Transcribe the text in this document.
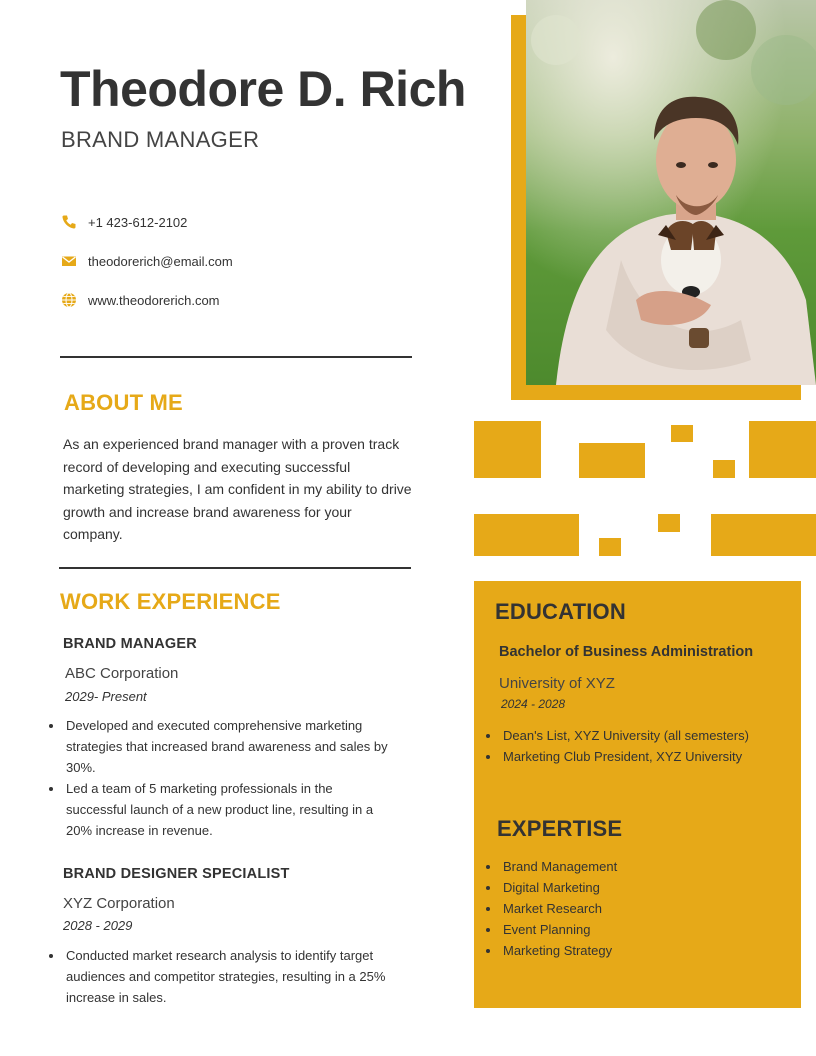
Theodore D. Rich
BRAND MANAGER
+1 423-612-2102
theodorerich@email.com
www.theodorerich.com
ABOUT ME
As an experienced brand manager with a proven track record of developing and executing successful marketing strategies, I am confident in my ability to drive growth and increase brand awareness for your company.
WORK EXPERIENCE
BRAND MANAGER
ABC Corporation
2029- Present
• Developed and executed comprehensive marketing strategies that increased brand awareness and sales by 30%.
• Led a team of 5 marketing professionals in the successful launch of a new product line, resulting in a 20% increase in revenue.
BRAND DESIGNER SPECIALIST
XYZ Corporation
2028 - 2029
• Conducted market research analysis to identify target audiences and competitor strategies, resulting in a 25% increase in sales.
EDUCATION
Bachelor of Business Administration
University of XYZ
2024 - 2028
• Dean's List, XYZ University (all semesters)
• Marketing Club President, XYZ University
EXPERTISE
• Brand Management
• Digital Marketing
• Market Research
• Event Planning
• Marketing Strategy
